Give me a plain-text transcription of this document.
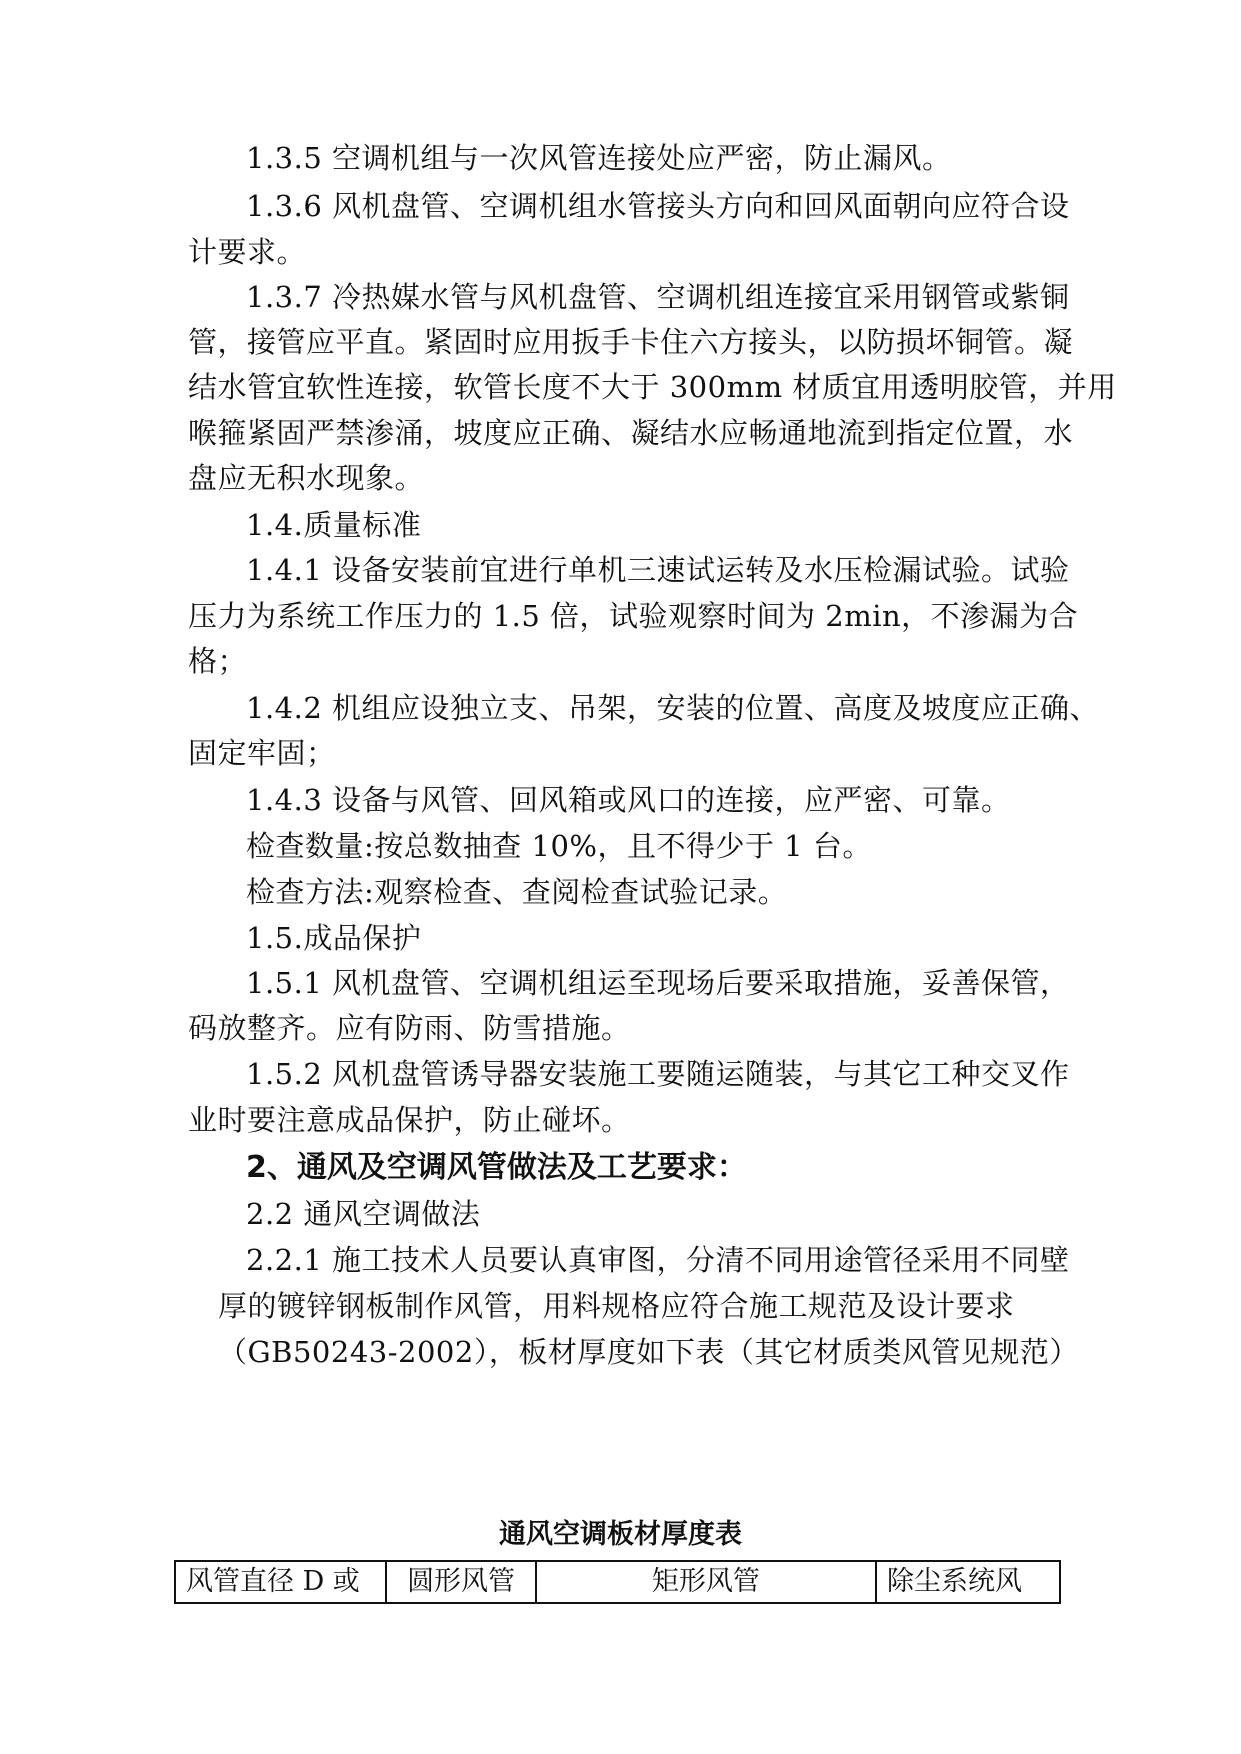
1.3.5 空调机组与一次风管连接处应严密，防止漏风。
1.3.6 风机盘管、空调机组水管接头方向和回风面朝向应符合设
计要求。
1.3.7 冷热媒水管与风机盘管、空调机组连接宜采用钢管或紫铜
管，接管应平直。紧固时应用扳手卡住六方接头，以防损坏铜管。凝
结水管宜软性连接，软管长度不大于 300mm 材质宜用透明胶管，并用
喉箍紧固严禁渗涌，坡度应正确、凝结水应畅通地流到指定位置，水
盘应无积水现象。
1.4.质量标准
1.4.1 设备安装前宜进行单机三速试运转及水压检漏试验。试验
压力为系统工作压力的 1.5 倍，试验观察时间为 2min，不渗漏为合
格；
1.4.2 机组应设独立支、吊架，安装的位置、高度及坡度应正确、
固定牢固；
1.4.3 设备与风管、回风箱或风口的连接，应严密、可靠。
检查数量:按总数抽查 10%，且不得少于 1 台。
检查方法:观察检查、查阅检查试验记录。
1.5.成品保护
1.5.1 风机盘管、空调机组运至现场后要采取措施，妥善保管，
码放整齐。应有防雨、防雪措施。
1.5.2 风机盘管诱导器安装施工要随运随装，与其它工种交叉作
业时要注意成品保护，防止碰坏。
2、通风及空调风管做法及工艺要求：
2.2 通风空调做法
2.2.1 施工技术人员要认真审图，分清不同用途管径采用不同壁
厚的镀锌钢板制作风管，用料规格应符合施工规范及设计要求
（GB50243-2002），板材厚度如下表（其它材质类风管见规范）
通风空调板材厚度表
风管直径 D 或	圆形风管	矩形风管	除尘系统风
